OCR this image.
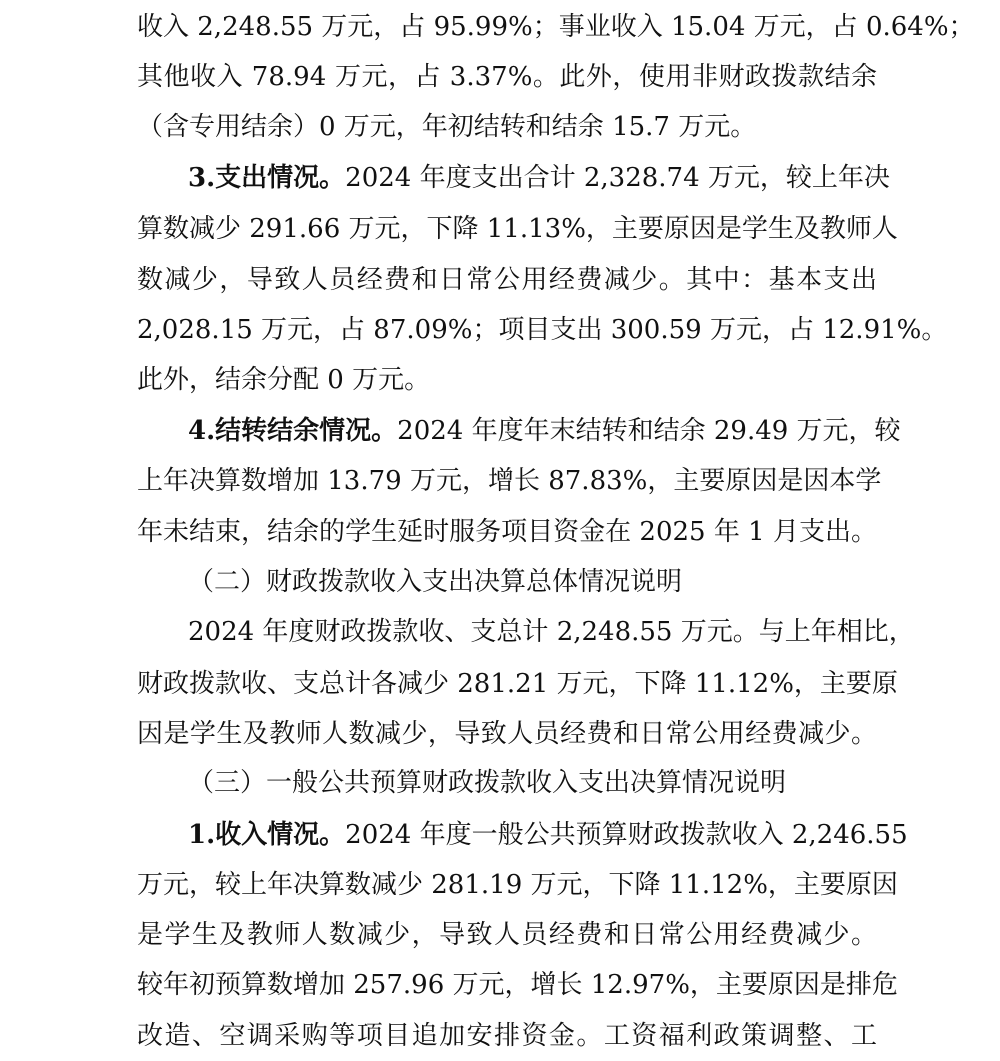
收入 2,248.55 万元，占 95.99%；事业收入 15.04 万元，占 0.64%；
其他收入 78.94 万元，占 3.37%。此外，使用非财政拨款结余
（含专用结余）0 万元，年初结转和结余 15.7 万元。
3.支出情况。2024 年度支出合计 2,328.74 万元，较上年决
算数减少 291.66 万元，下降 11.13%，主要原因是学生及教师人
数减少，导致人员经费和日常公用经费减少。其中：基本支出
2,028.15 万元，占 87.09%；项目支出 300.59 万元，占 12.91%。
此外，结余分配 0 万元。
4.结转结余情况。2024 年度年末结转和结余 29.49 万元，较
上年决算数增加 13.79 万元，增长 87.83%，主要原因是因本学
年未结束，结余的学生延时服务项目资金在 2025 年 1 月支出。
（二）财政拨款收入支出决算总体情况说明
2024 年度财政拨款收、支总计 2,248.55 万元。与上年相比，
财政拨款收、支总计各减少 281.21 万元，下降 11.12%，主要原
因是学生及教师人数减少，导致人员经费和日常公用经费减少。
（三）一般公共预算财政拨款收入支出决算情况说明
1.收入情况。2024 年度一般公共预算财政拨款收入 2,246.55
万元，较上年决算数减少 281.19 万元，下降 11.12%，主要原因
是学生及教师人数减少，导致人员经费和日常公用经费减少。
较年初预算数增加 257.96 万元，增长 12.97%，主要原因是排危
改造、空调采购等项目追加安排资金。工资福利政策调整、工
